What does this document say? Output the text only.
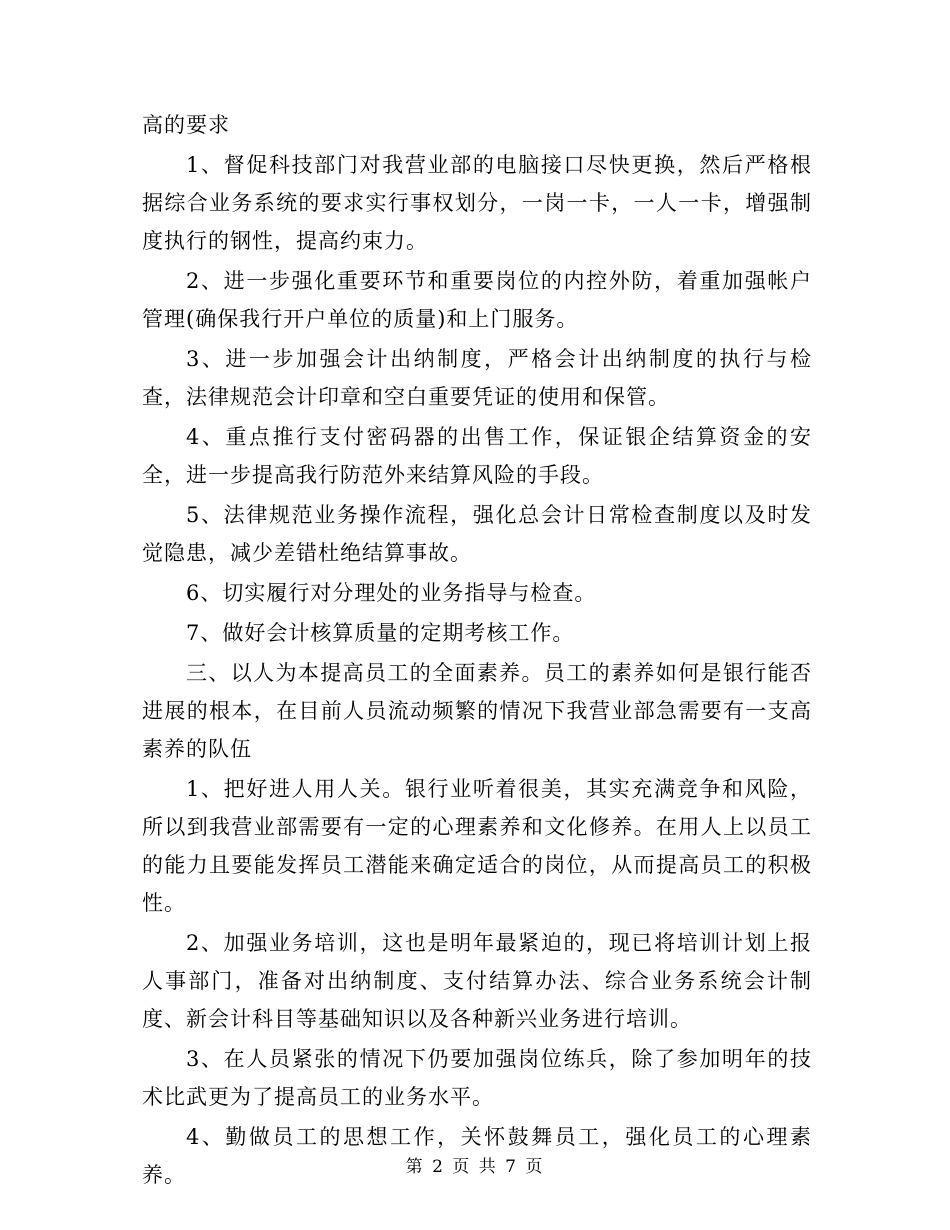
高的要求

1、督促科技部门对我营业部的电脑接口尽快更换，然后严格根据综合业务系统的要求实行事权划分，一岗一卡，一人一卡，增强制度执行的钢性，提高约束力。

2、进一步强化重要环节和重要岗位的内控外防，着重加强帐户管理(确保我行开户单位的质量)和上门服务。

3、进一步加强会计出纳制度，严格会计出纳制度的执行与检查，法律规范会计印章和空白重要凭证的使用和保管。

4、重点推行支付密码器的出售工作，保证银企结算资金的安全，进一步提高我行防范外来结算风险的手段。

5、法律规范业务操作流程，强化总会计日常检查制度以及时发觉隐患，减少差错杜绝结算事故。

6、切实履行对分理处的业务指导与检查。

7、做好会计核算质量的定期考核工作。

三、以人为本提高员工的全面素养。员工的素养如何是银行能否进展的根本，在目前人员流动频繁的情况下我营业部急需要有一支高素养的队伍

1、把好进人用人关。银行业听着很美，其实充满竞争和风险，所以到我营业部需要有一定的心理素养和文化修养。在用人上以员工的能力且要能发挥员工潜能来确定适合的岗位，从而提高员工的积极性。

2、加强业务培训，这也是明年最紧迫的，现已将培训计划上报人事部门，准备对出纳制度、支付结算办法、综合业务系统会计制度、新会计科目等基础知识以及各种新兴业务进行培训。

3、在人员紧张的情况下仍要加强岗位练兵，除了参加明年的技术比武更为了提高员工的业务水平。

4、勤做员工的思想工作，关怀鼓舞员工，强化员工的心理素养。	第 2 页 共 7 页
